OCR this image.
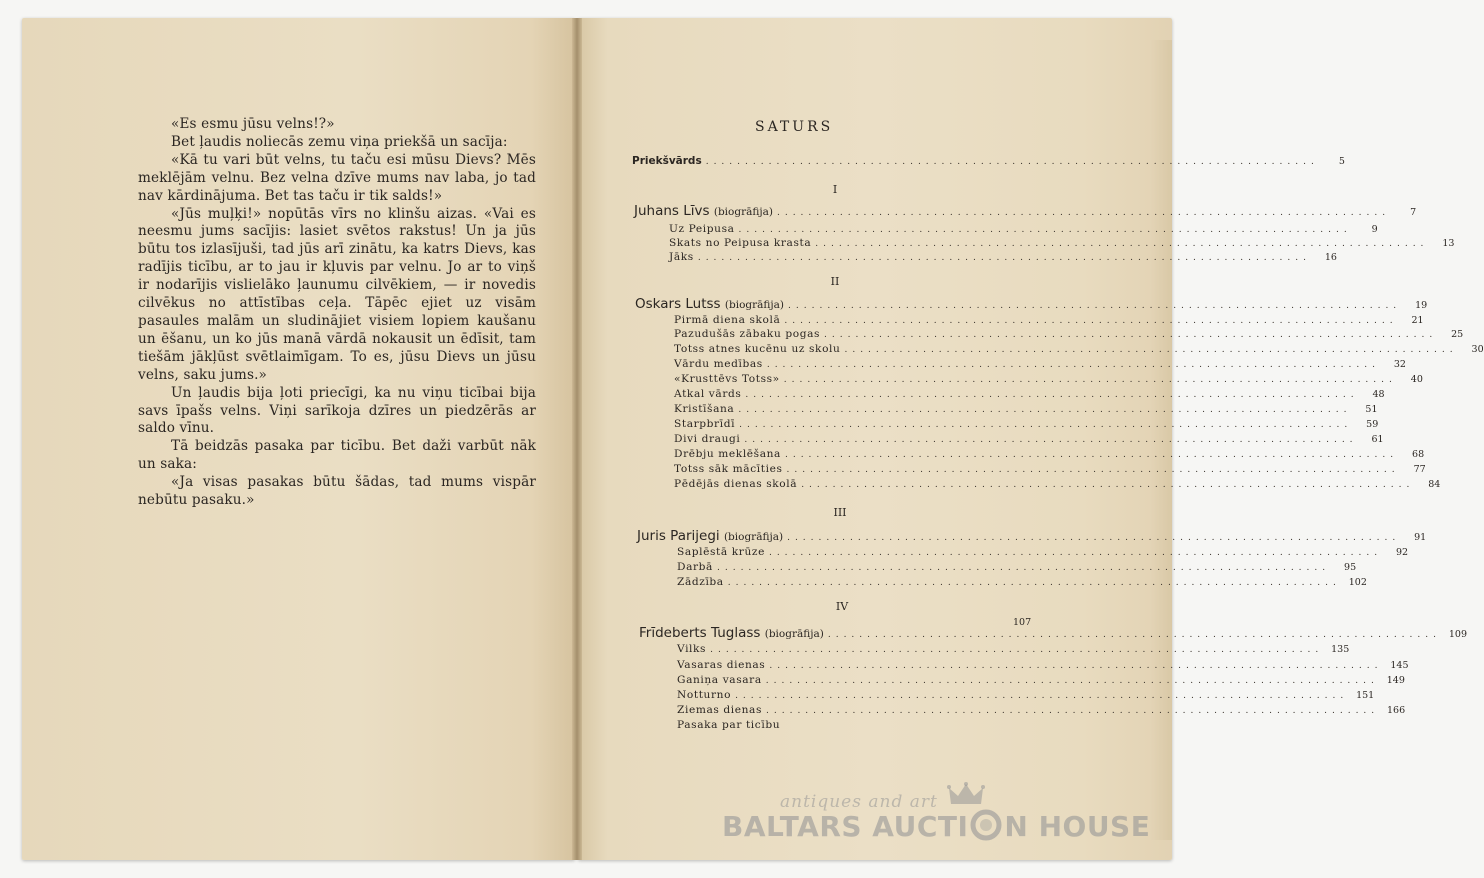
«Es esmu jūsu velns!?»

Bet ļaudis noliecās zemu viņa priekšā un sacīja:

«Kā tu vari būt velns, tu taču esi mūsu Dievs? Mēs meklējām velnu. Bez velna dzīve mums nav laba, jo tad nav kārdinājuma. Bet tas taču ir tik salds!»

«Jūs muļķi!» nopūtās vīrs no klinšu aizas. «Vai es neesmu jums sacījis: lasiet svētos rakstus! Un ja jūs būtu tos izlasījuši, tad jūs arī zinātu, ka katrs Dievs, kas radījis ticību, ar to jau ir kļuvis par velnu. Jo ar to viņš ir nodarījis vislielāko ļaunumu cilvēkiem, — ir novedis cilvēkus no attīstības ceļa. Tāpēc ejiet uz visām pasaules malām un sludinājiet visiem lopiem kaušanu un ēšanu, un ko jūs manā vārdā nokausit un ēdīsit, tam tiešām jākļūst svētlaimīgam. To es, jūsu Dievs un jūsu velns, saku jums.»

Un ļaudis bija ļoti priecīgi, ka nu viņu ticībai bija savs īpašs velns. Viņi sarīkoja dzīres un piedzērās ar saldo vīnu.

Tā beidzās pasaka par ticību. Bet daži varbūt nāk un saka:

«Ja visas pasakas būtu šādas, tad mums vispār nebūtu pasaku.»

SATURS
Priekšvārds ..............................................................................	5
I
Juhans Līvs (biogrāfija) ..............................................................................	7
Uz Peipusa ..............................................................................	9
Skats no Peipusa krasta ..............................................................................	13
Jāks ..............................................................................	16
II
Oskars Lutss (biogrāfija) ..............................................................................	19
Pirmā diena skolā ..............................................................................	21
Pazudušās zābaku pogas ..............................................................................	25
Totss atnes kucēnu uz skolu ..............................................................................	30
Vārdu medības ..............................................................................	32
«Krusttēvs Totss» ..............................................................................	40
Atkal vārds ..............................................................................	48
Kristīšana ..............................................................................	51
Starpbrīdī ..............................................................................	59
Divi draugi ..............................................................................	61
Drēbju meklēšana ..............................................................................	68
Totss sāk mācīties ..............................................................................	77
Pēdējās dienas skolā ..............................................................................	84
III
Juris Parijegi (biogrāfija) ..............................................................................	91
Saplēstā krūze ..............................................................................	92
Darbā ..............................................................................	95
Zādzība .............................................................................. 102
IV
107
Frīdeberts Tuglass (biogrāfija) .............................................................................. 109
Vilks .............................................................................. 135
Vasaras dienas .............................................................................. 145
Ganiņa vasara .............................................................................. 149
Notturno .............................................................................. 151
Ziemas dienas .............................................................................. 166
Pasaka par ticību
antiques and art
BALTARS AUCTI N HOUSE
